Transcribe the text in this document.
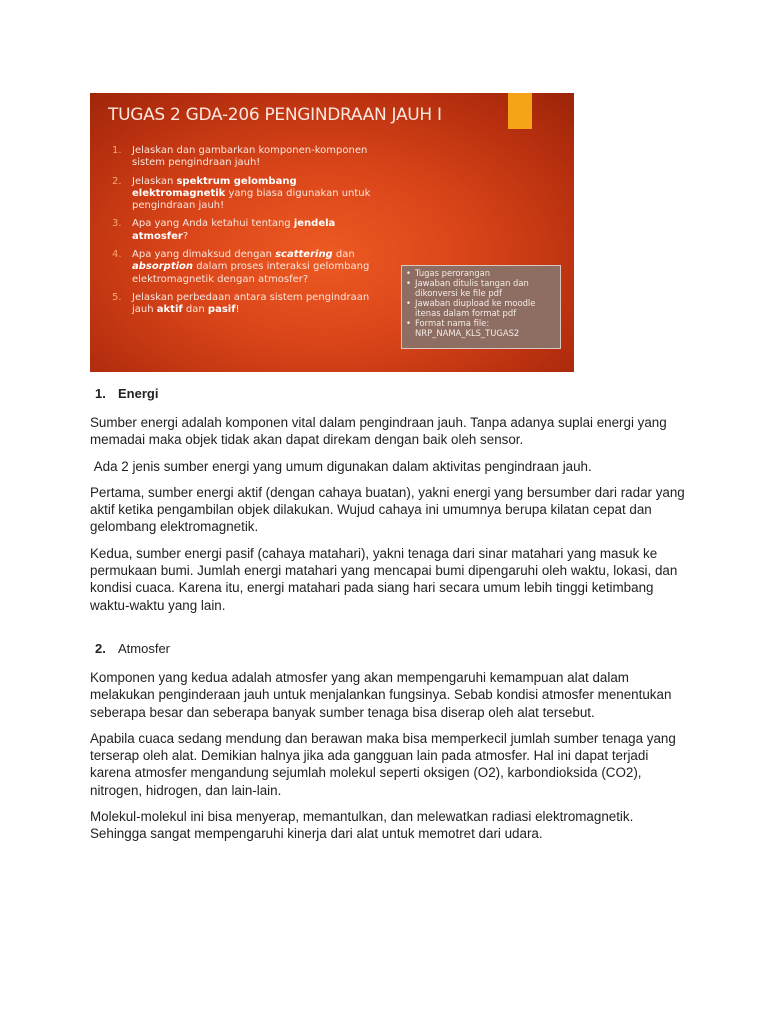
TUGAS 2 GDA-206 PENGINDRAAN JAUH I
1. Jelaskan dan gambarkan komponen-komponen sistem pengindraan jauh!
2. Jelaskan spektrum gelombang elektromagnetik yang biasa digunakan untuk pengindraan jauh!
3. Apa yang Anda ketahui tentang jendela atmosfer?
4. Apa yang dimaksud dengan scattering dan absorption dalam proses interaksi gelombang elektromagnetik dengan atmosfer?
5. Jelaskan perbedaan antara sistem pengindraan jauh aktif dan pasif!
• Tugas perorangan
• Jawaban ditulis tangan dan dikonversi ke file pdf
• Jawaban diupload ke moodle itenas dalam format pdf
• Format nama file: NRP_NAMA_KLS_TUGAS2
1. Energi

Sumber energi adalah komponen vital dalam pengindraan jauh. Tanpa adanya suplai energi yang memadai maka objek tidak akan dapat direkam dengan baik oleh sensor.

Ada 2 jenis sumber energi yang umum digunakan dalam aktivitas pengindraan jauh.

Pertama, sumber energi aktif (dengan cahaya buatan), yakni energi yang bersumber dari radar yang aktif ketika pengambilan objek dilakukan. Wujud cahaya ini umumnya berupa kilatan cepat dan gelombang elektromagnetik.

Kedua, sumber energi pasif (cahaya matahari), yakni tenaga dari sinar matahari yang masuk ke permukaan bumi. Jumlah energi matahari yang mencapai bumi dipengaruhi oleh waktu, lokasi, dan kondisi cuaca. Karena itu, energi matahari pada siang hari secara umum lebih tinggi ketimbang waktu-waktu yang lain.

2. Atmosfer

Komponen yang kedua adalah atmosfer yang akan mempengaruhi kemampuan alat dalam melakukan penginderaan jauh untuk menjalankan fungsinya. Sebab kondisi atmosfer menentukan seberapa besar dan seberapa banyak sumber tenaga bisa diserap oleh alat tersebut.

Apabila cuaca sedang mendung dan berawan maka bisa memperkecil jumlah sumber tenaga yang terserap oleh alat. Demikian halnya jika ada gangguan lain pada atmosfer. Hal ini dapat terjadi karena atmosfer mengandung sejumlah molekul seperti oksigen (O2), karbondioksida (CO2), nitrogen, hidrogen, dan lain-lain.

Molekul-molekul ini bisa menyerap, memantulkan, dan melewatkan radiasi elektromagnetik. Sehingga sangat mempengaruhi kinerja dari alat untuk memotret dari udara.
